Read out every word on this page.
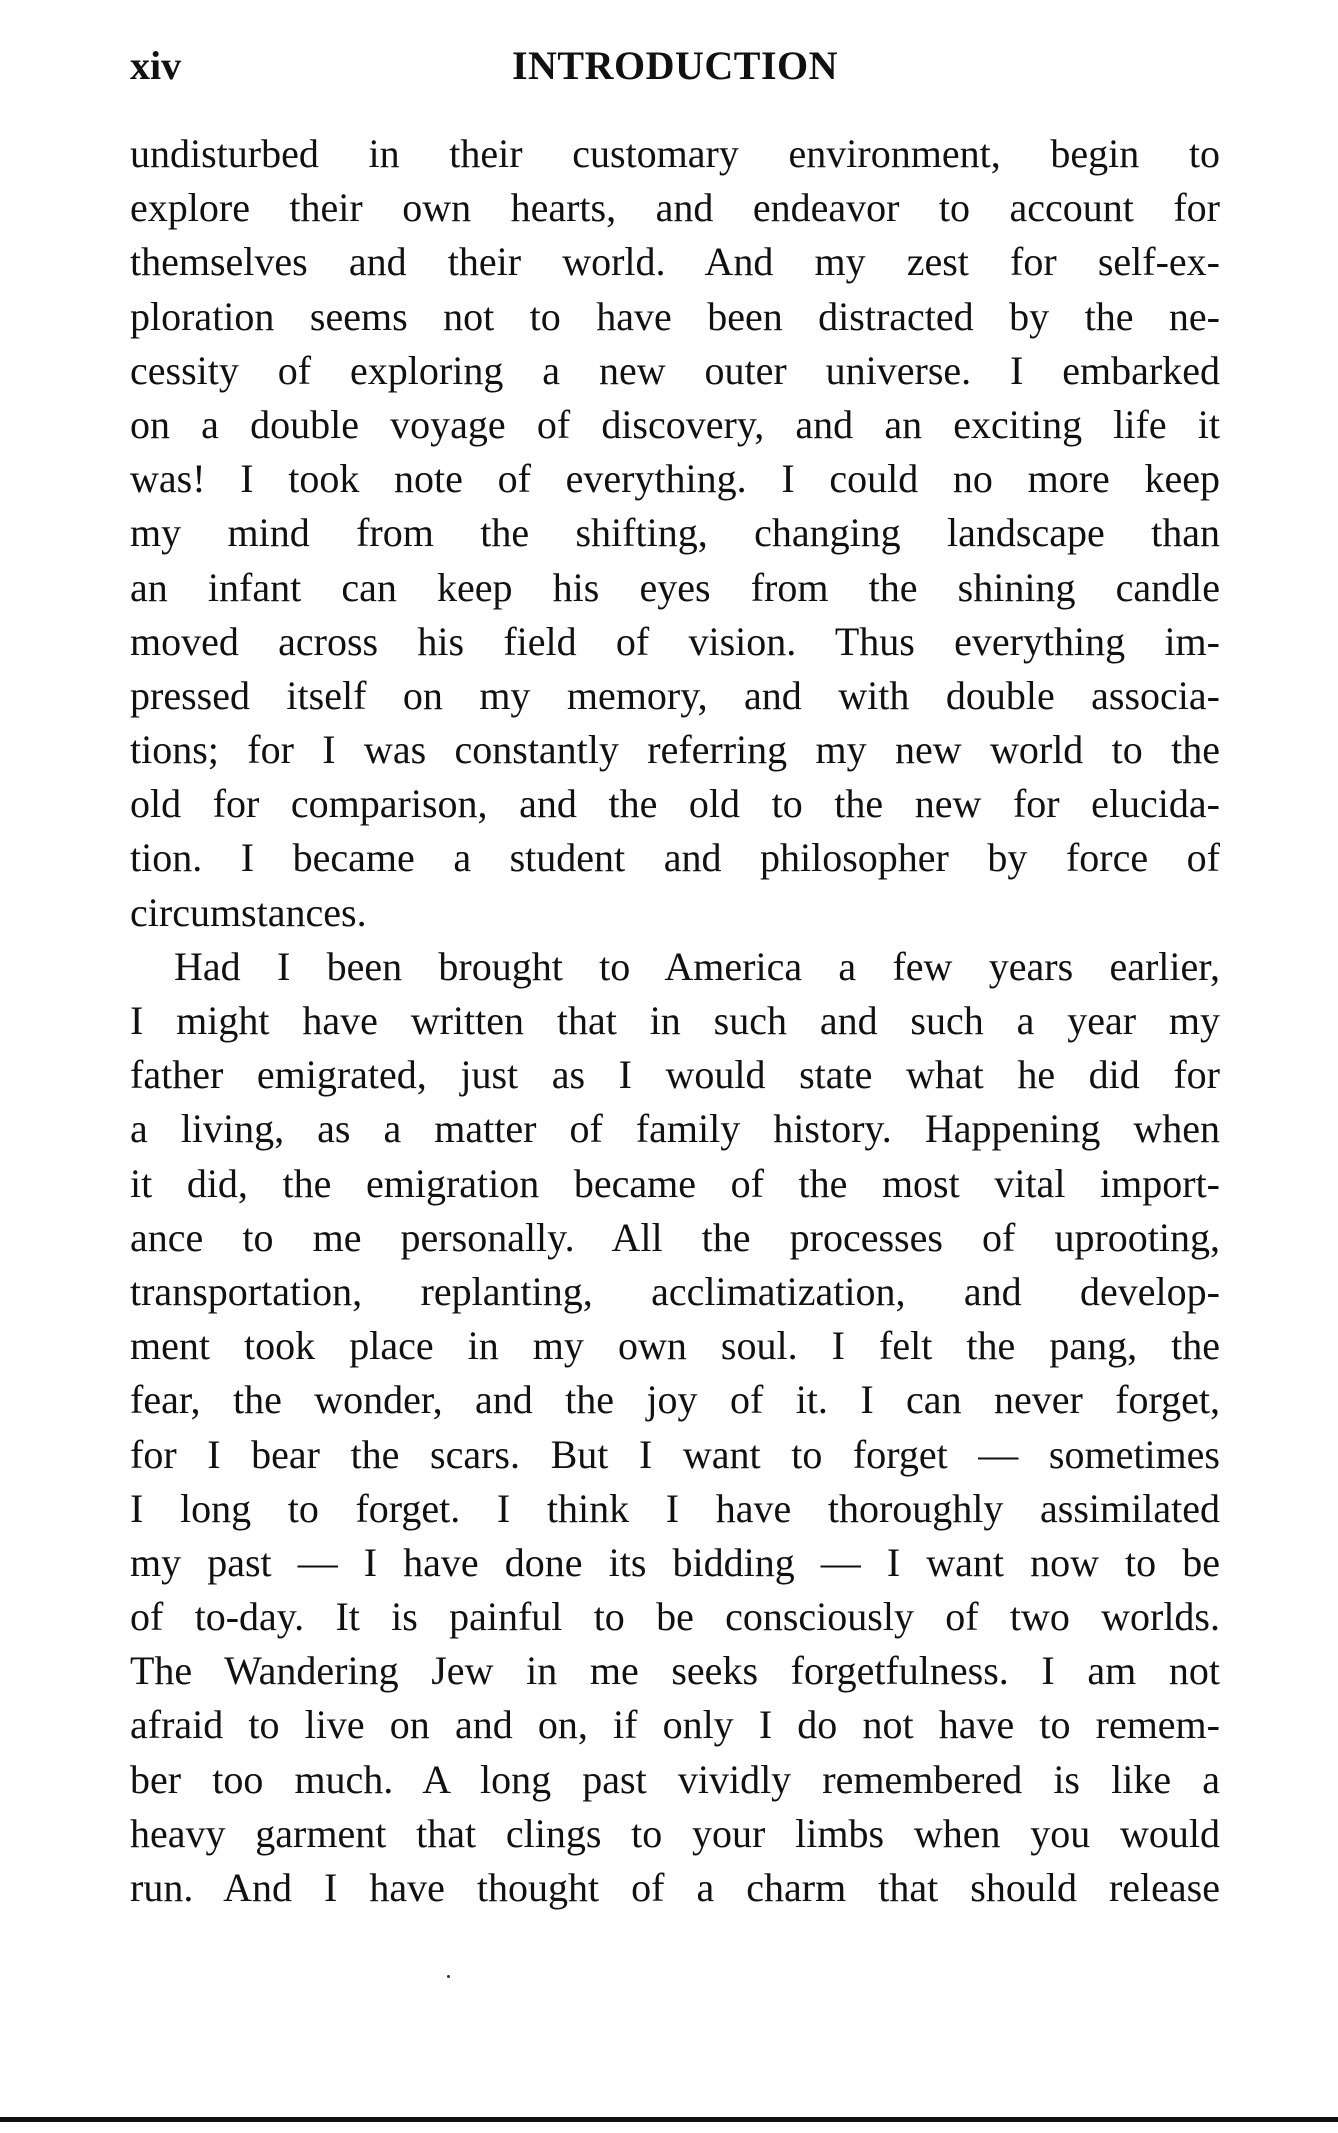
xiv	INTRODUCTION
undisturbed in their customary environment, begin to
explore their own hearts, and endeavor to account for
themselves and their world. And my zest for self-ex-
ploration seems not to have been distracted by the ne-
cessity of exploring a new outer universe. I embarked
on a double voyage of discovery, and an exciting life it
was! I took note of everything. I could no more keep
my mind from the shifting, changing landscape than
an infant can keep his eyes from the shining candle
moved across his field of vision. Thus everything im-
pressed itself on my memory, and with double associa-
tions; for I was constantly referring my new world to the
old for comparison, and the old to the new for elucida-
tion. I became a student and philosopher by force of
circumstances.
Had I been brought to America a few years earlier,
I might have written that in such and such a year my
father emigrated, just as I would state what he did for
a living, as a matter of family history. Happening when
it did, the emigration became of the most vital import-
ance to me personally. All the processes of uprooting,
transportation, replanting, acclimatization, and develop-
ment took place in my own soul. I felt the pang, the
fear, the wonder, and the joy of it. I can never forget,
for I bear the scars. But I want to forget — sometimes
I long to forget. I think I have thoroughly assimilated
my past — I have done its bidding — I want now to be
of to-day. It is painful to be consciously of two worlds.
The Wandering Jew in me seeks forgetfulness. I am not
afraid to live on and on, if only I do not have to remem-
ber too much. A long past vividly remembered is like a
heavy garment that clings to your limbs when you would
run. And I have thought of a charm that should release
